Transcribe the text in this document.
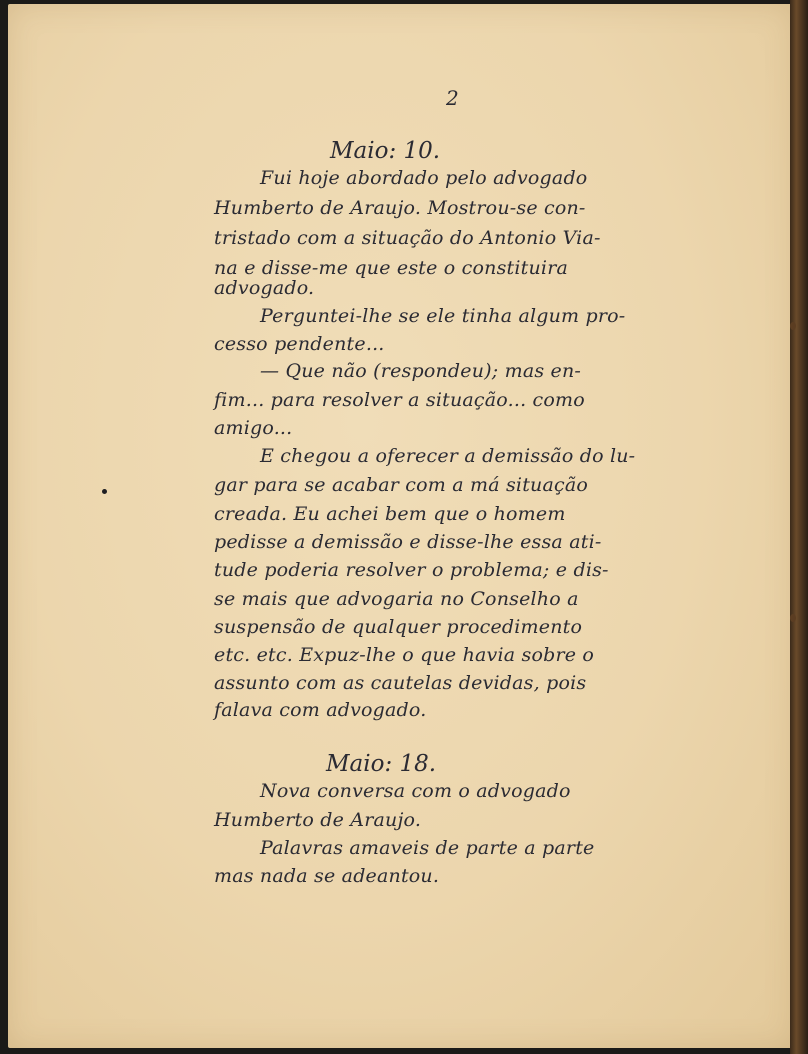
2
Maio: 10.
Fui hoje abordado pelo advogado
Humberto de Araujo. Mostrou-se con-
tristado com a situação do Antonio Via-
na e disse-me que este o constituira
advogado.
Perguntei-lhe se ele tinha algum pro-
cesso pendente...
— Que não (respondeu); mas en-
fim... para resolver a situação... como
amigo...
E chegou a oferecer a demissão do lu-
gar para se acabar com a má situação
creada. Eu achei bem que o homem
pedisse a demissão e disse-lhe essa ati-
tude poderia resolver o problema; e dis-
se mais que advogaria no Conselho a
suspensão de qualquer procedimento
etc. etc. Expuz-lhe o que havia sobre o
assunto com as cautelas devidas, pois
falava com advogado.
Maio: 18.
Nova conversa com o advogado
Humberto de Araujo.
Palavras amaveis de parte a parte
mas nada se adeantou.
